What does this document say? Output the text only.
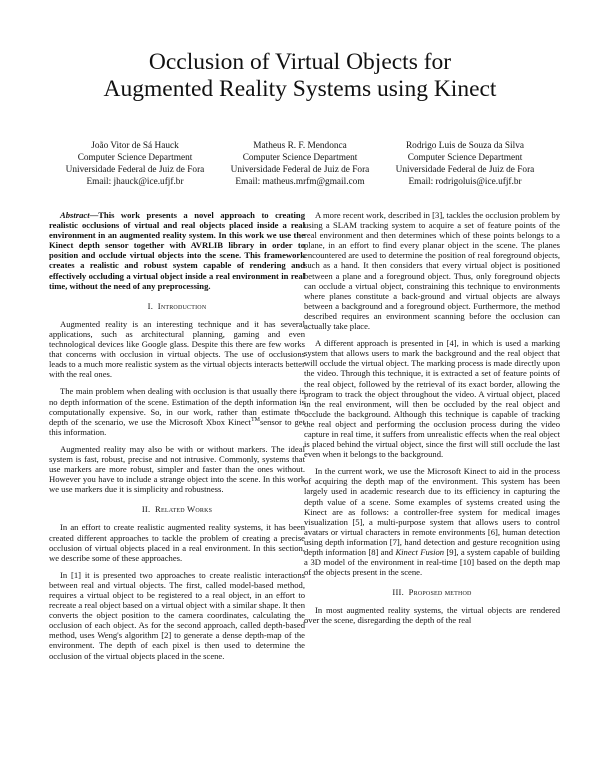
Occlusion of Virtual Objects for
Augmented Reality Systems using Kinect
João Vitor de Sá Hauck
Computer Science Department
Universidade Federal de Juiz de Fora
Email: jhauck@ice.ufjf.br
Matheus R. F. Mendonca
Computer Science Department
Universidade Federal de Juiz de Fora
Email: matheus.mrfm@gmail.com
Rodrigo Luis de Souza da Silva
Computer Science Department
Universidade Federal de Juiz de Fora
Email: rodrigoluis@ice.ufjf.br

Abstract—This work presents a novel approach to creating realistic occlusions of virtual and real objects placed inside a real environment in an augmented reality system. In this work we use the Kinect depth sensor together with AVRLIB library in order to position and occlude virtual objects into the scene. This framework creates a realistic and robust system capable of rendering and effectively occluding a virtual object inside a real environment in real time, without the need of any preprocessing.

I. Introduction

Augmented reality is an interesting technique and it has several applications, such as architectural planning, gaming and even technological devices like Google glass. Despite this there are few works that concerns with occlusion in virtual objects. The use of occlusions leads to a much more realistic system as the virtual objects interacts better with the real ones.

The main problem when dealing with occlusion is that usually there is no depth information of the scene. Estimation of the depth information is computationally expensive. So, in our work, rather than estimate the depth of the scenario, we use the Microsoft Xbox Kinect™sensor to get this information.

Augmented reality may also be with or without markers. The ideal system is fast, robust, precise and not intrusive. Commonly, systems that use markers are more robust, simpler and faster than the ones without. However you have to include a strange object into the scene. In this work we use markers due it is simplicity and robustness.

II. Related Works

In an effort to create realistic augmented reality systems, it has been created different approaches to tackle the problem of creating a precise occlusion of virtual objects placed in a real environment. In this section, we describe some of these approaches.

In [1] it is presented two approaches to create realistic interactions between real and virtual objects. The first, called model-based method, requires a virtual object to be registered to a real object, in an effort to recreate a real object based on a virtual object with a similar shape. It then converts the object position to the camera coordinates, calculating the occlusion of each object. As for the second approach, called depth-based method, uses Weng's algorithm [2] to generate a dense depth-map of the environment. The depth of each pixel is then used to determine the occlusion of the virtual objects placed in the scene.

A more recent work, described in [3], tackles the occlusion problem by using a SLAM tracking system to acquire a set of feature points of the real environment and then determines which of these points belongs to a plane, in an effort to find every planar object in the scene. The planes encountered are used to determine the position of real foreground objects, such as a hand. It then considers that every virtual object is positioned between a plane and a foreground object. Thus, only foreground objects can occlude a virtual object, constraining this technique to environments where planes constitute a back-ground and virtual objects are always between a background and a foreground object. Furthermore, the method described requires an environment scanning before the occlusion can actually take place.

A different approach is presented in [4], in which is used a marking system that allows users to mark the background and the real object that will occlude the virtual object. The marking process is made directly upon the video. Through this technique, it is extracted a set of feature points of the real object, followed by the retrieval of its exact border, allowing the program to track the object throughout the video. A virtual object, placed in the real environment, will then be occluded by the real object and occlude the background. Although this technique is capable of tracking the real object and performing the occlusion process during the video capture in real time, it suffers from unrealistic effects when the real object is placed behind the virtual object, since the first will still occlude the last even when it belongs to the background.

In the current work, we use the Microsoft Kinect to aid in the process of acquiring the depth map of the environment. This system has been largely used in academic research due to its efficiency in capturing the depth value of a scene. Some examples of systems created using the Kinect are as follows: a controller-free system for medical images visualization [5], a multi-purpose system that allows users to control avatars or virtual characters in remote environments [6], human detection using depth information [7], hand detection and gesture recognition using depth information [8] and Kinect Fusion [9], a system capable of building a 3D model of the environment in real-time [10] based on the depth map of the objects present in the scene.

III. Proposed method

In most augmented reality systems, the virtual objects are rendered over the scene, disregarding the depth of the real
